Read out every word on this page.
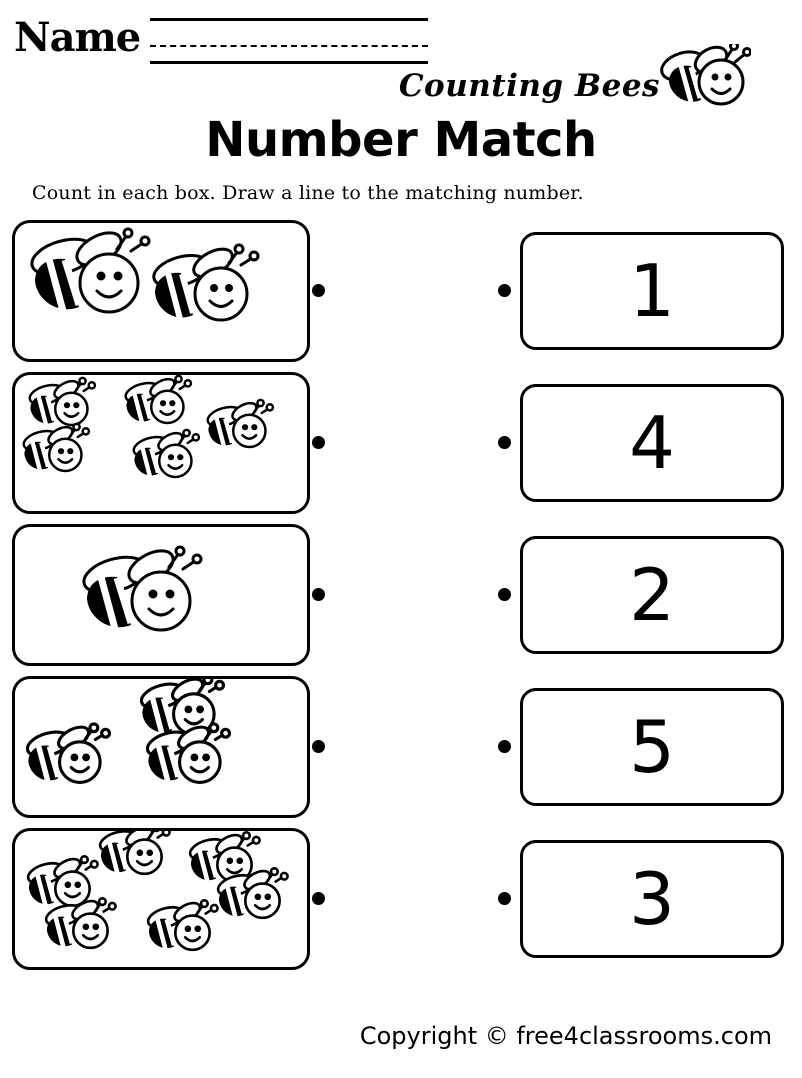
Name
Counting Bees
Number Match
Count in each box. Draw a line to the matching number.
1
4
2
5
3
Copyright © free4classrooms.com
